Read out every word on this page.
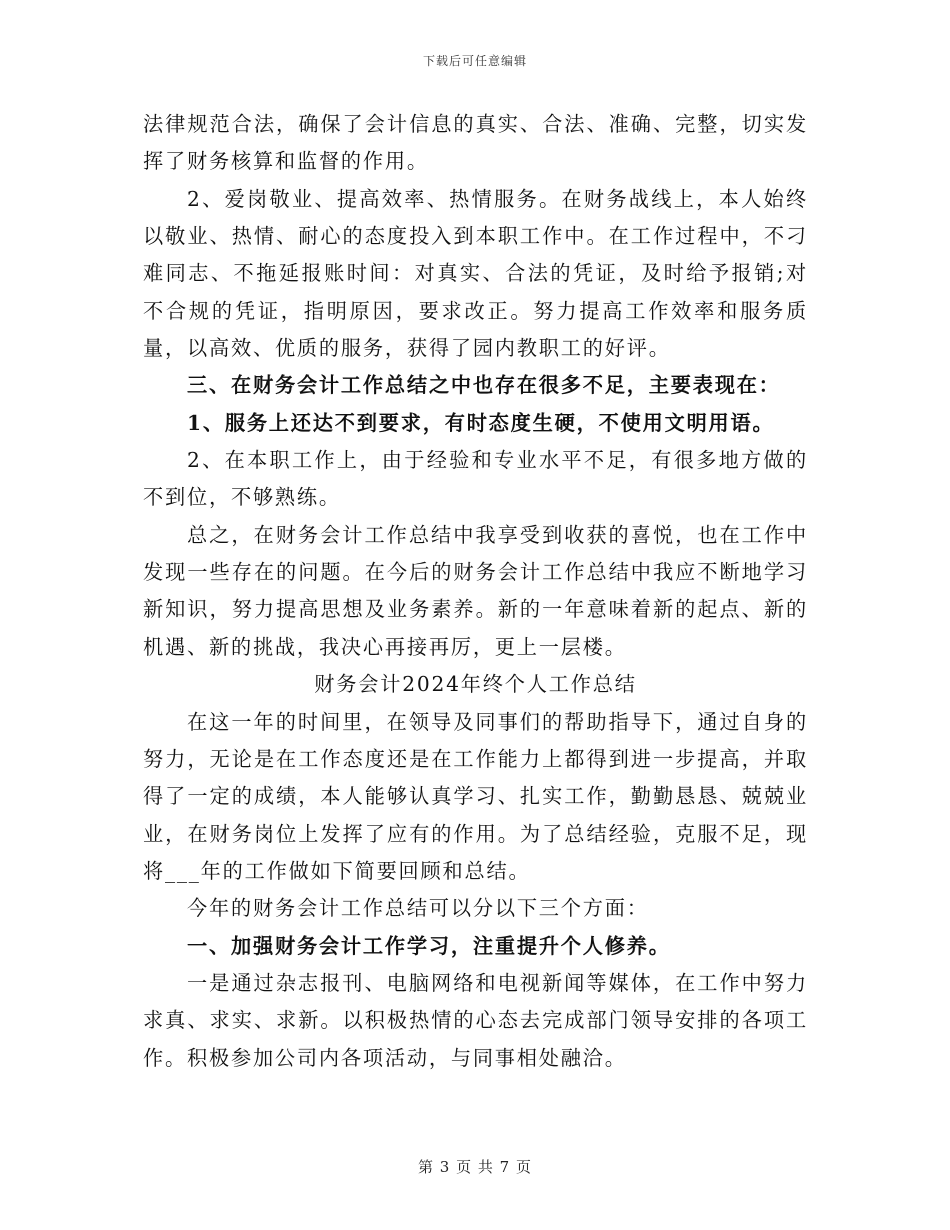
下载后可任意编辑

法律规范合法，确保了会计信息的真实、合法、准确、完整，切实发挥了财务核算和监督的作用。

2、爱岗敬业、提高效率、热情服务。在财务战线上，本人始终以敬业、热情、耐心的态度投入到本职工作中。在工作过程中，不刁难同志、不拖延报账时间：对真实、合法的凭证，及时给予报销;对不合规的凭证，指明原因，要求改正。努力提高工作效率和服务质量，以高效、优质的服务，获得了园内教职工的好评。

三、在财务会计工作总结之中也存在很多不足，主要表现在：

1、服务上还达不到要求，有时态度生硬，不使用文明用语。

2、在本职工作上，由于经验和专业水平不足，有很多地方做的不到位，不够熟练。

总之，在财务会计工作总结中我享受到收获的喜悦，也在工作中发现一些存在的问题。在今后的财务会计工作总结中我应不断地学习新知识，努力提高思想及业务素养。新的一年意味着新的起点、新的机遇、新的挑战，我决心再接再厉，更上一层楼。

财务会计2024年终个人工作总结

在这一年的时间里，在领导及同事们的帮助指导下，通过自身的努力，无论是在工作态度还是在工作能力上都得到进一步提高，并取得了一定的成绩，本人能够认真学习、扎实工作，勤勤恳恳、兢兢业业，在财务岗位上发挥了应有的作用。为了总结经验，克服不足，现将___年的工作做如下简要回顾和总结。

今年的财务会计工作总结可以分以下三个方面：

一、加强财务会计工作学习，注重提升个人修养。

一是通过杂志报刊、电脑网络和电视新闻等媒体，在工作中努力求真、求实、求新。以积极热情的心态去完成部门领导安排的各项工作。积极参加公司内各项活动，与同事相处融洽。

第 3 页 共 7 页
